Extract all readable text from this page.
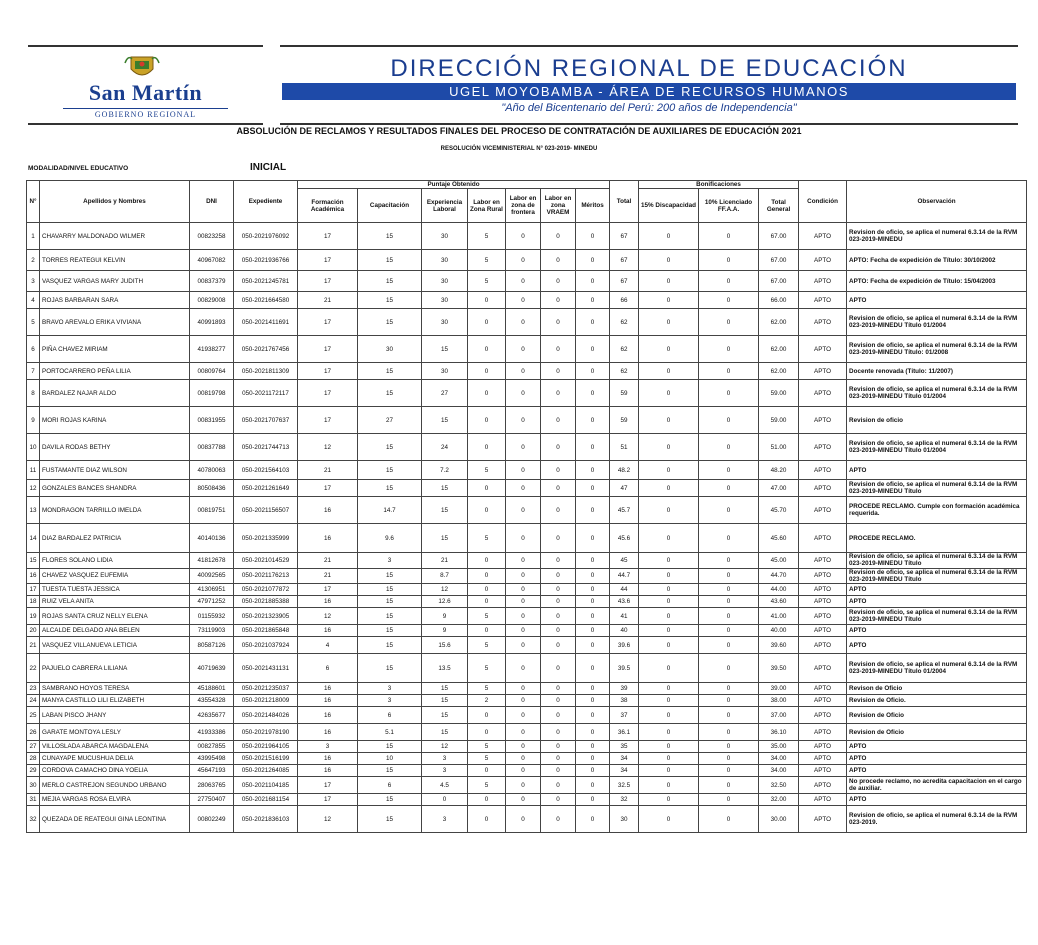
San Martín
GOBIERNO REGIONAL
DIRECCIÓN REGIONAL DE EDUCACIÓN
UGEL MOYOBAMBA - ÁREA DE RECURSOS HUMANOS
"Año del Bicentenario del Perú: 200 años de Independencia"
ABSOLUCIÓN DE RECLAMOS Y RESULTADOS FINALES DEL PROCESO DE CONTRATACIÓN DE AUXILIARES DE EDUCACIÓN 2021
RESOLUCIÓN VICEMINISTERIAL N° 023-2019- MINEDU
MODALIDAD/NIVEL EDUCATIVO	INICIAL
N°	Apellidos y Nombres	DNI	Expediente	Puntaje Obtenido							Total	Bonificaciones			Condición	Observación
				Formación Académica	Capacitación	Experiencia Laboral	Labor en Zona Rural	Labor en zona de frontera	Labor en zona VRAEM	Méritos		15% Discapacidad	10% Licenciado FF.A.A.	Total General		
1	CHAVARRY MALDONADO WILMER	00823258	050-2021976092	17	15	30	5	0	0	0	67	0	0	67.00	APTO	Revision de oficio, se aplica el numeral 6.3.14 de la RVM 023-2019-MINEDU
2	TORRES REATEGUI KELVIN	40967082	050-2021936766	17	15	30	5	0	0	0	67	0	0	67.00	APTO	APTO: Fecha de expedición de Título: 30/10/2002
3	VASQUEZ VARGAS MARY JUDITH	00837379	050-2021245781	17	15	30	5	0	0	0	67	0	0	67.00	APTO	APTO: Fecha de expedición de Título: 15/04/2003
4	ROJAS BARBARAN SARA	00829008	050-2021664580	21	15	30	0	0	0	0	66	0	0	66.00	APTO	APTO
5	BRAVO AREVALO ERIKA VIVIANA	40991893	050-2021411691	17	15	30	0	0	0	0	62	0	0	62.00	APTO	Revision de oficio, se aplica el numeral 6.3.14 de la RVM 023-2019-MINEDU Título 01/2004
6	PIÑA CHAVEZ MIRIAM	41938277	050-2021767456	17	30	15	0	0	0	0	62	0	0	62.00	APTO	Revision de oficio, se aplica el numeral 6.3.14 de la RVM 023-2019-MINEDU Título: 01/2008
7	PORTOCARRERO PEÑA LILIA	00809764	050-2021811309	17	15	30	0	0	0	0	62	0	0	62.00	APTO	Docente renovada (Título: 11/2007)
8	BARDALEZ NAJAR ALDO	00819798	050-2021172117	17	15	27	0	0	0	0	59	0	0	59.00	APTO	Revision de oficio, se aplica el numeral 6.3.14 de la RVM 023-2019-MINEDU Título 01/2004
9	MORI ROJAS KARINA	00831955	050-2021707637	17	27	15	0	0	0	0	59	0	0	59.00	APTO	Revision de oficio
10	DAVILA RODAS BETHY	00837788	050-2021744713	12	15	24	0	0	0	0	51	0	0	51.00	APTO	Revision de oficio, se aplica el numeral 6.3.14 de la RVM 023-2019-MINEDU Título 01/2004
11	FUSTAMANTE DIAZ WILSON	40780063	050-2021564103	21	15	7.2	5	0	0	0	48.2	0	0	48.20	APTO	APTO
12	GONZALES BANCES SHANDRA	80508436	050-2021261649	17	15	15	0	0	0	0	47	0	0	47.00	APTO	Revision de oficio, se aplica el numeral 6.3.14 de la RVM 023-2019-MINEDU Título
13	MONDRAGON TARRILLO IMELDA	00819751	050-2021156507	16	14.7	15	0	0	0	0	45.7	0	0	45.70	APTO	PROCEDE RECLAMO. Cumple con formación académica requerida.
14	DIAZ BARDALEZ PATRICIA	40140136	050-2021335999	16	9.6	15	5	0	0	0	45.6	0	0	45.60	APTO	PROCEDE RECLAMO.
15	FLORES SOLANO LIDIA	41812678	050-2021014529	21	3	21	0	0	0	0	45	0	0	45.00	APTO	Revision de oficio, se aplica el numeral 6.3.14 de la RVM 023-2019-MINEDU Título
16	CHAVEZ VASQUEZ EUFEMIA	40092565	050-2021176213	21	15	8.7	0	0	0	0	44.7	0	0	44.70	APTO	Revision de oficio, se aplica el numeral 6.3.14 de la RVM 023-2019-MINEDU Título
17	TUESTA TUESTA JESSICA	41306951	050-2021077872	17	15	12	0	0	0	0	44	0	0	44.00	APTO	APTO
18	RUIZ VELA ANITA	47971252	050-2021885388	16	15	12.6	0	0	0	0	43.6	0	0	43.60	APTO	APTO
19	ROJAS SANTA CRUZ NELLY ELENA	01155932	050-2021323905	12	15	9	5	0	0	0	41	0	0	41.00	APTO	Revision de oficio, se aplica el numeral 6.3.14 de la RVM 023-2019-MINEDU Título
20	ALCALDE DELGADO ANA BELEN	73119903	050-2021865848	16	15	9	0	0	0	0	40	0	0	40.00	APTO	APTO
21	VASQUEZ VILLANUEVA LETICIA	80587126	050-2021037924	4	15	15.6	5	0	0	0	39.6	0	0	39.60	APTO	APTO
22	PAJUELO CABRERA LILIANA	40719639	050-2021431131	6	15	13.5	5	0	0	0	39.5	0	0	39.50	APTO	Revision de oficio, se aplica el numeral 6.3.14 de la RVM 023-2019-MINEDU Título 01/2004
23	SAMBRANO HOYOS TERESA	45188601	050-2021235037	16	3	15	5	0	0	0	39	0	0	39.00	APTO	Revison de Oficio
24	MANYA CASTILLO LILI ELIZABETH	43554328	050-2021218009	16	3	15	2	0	0	0	38	0	0	38.00	APTO	Revision de Oficio.
25	LABAN PISCO JHANY	42635677	050-2021484026	16	6	15	0	0	0	0	37	0	0	37.00	APTO	Revision de Oficio
26	GARATE MONTOYA LESLY	41933386	050-2021978190	16	5.1	15	0	0	0	0	36.1	0	0	36.10	APTO	Revision de Oficio
27	VILLOSLADA ABARCA MAGDALENA	00827855	050-2021964105	3	15	12	5	0	0	0	35	0	0	35.00	APTO	APTO
28	CUNAYAPE MUCUSHUA DELIA	43995498	050-2021516199	16	10	3	5	0	0	0	34	0	0	34.00	APTO	APTO
29	CORDOVA CAMACHO DINA YOELIA	45647193	050-2021264085	16	15	3	0	0	0	0	34	0	0	34.00	APTO	APTO
30	MERLO CASTREJON SEGUNDO URBANO	28063765	050-2021104185	17	6	4.5	5	0	0	0	32.5	0	0	32.50	APTO	No procede reclamo, no acredita capacitacion en el cargo de auxiliar.
31	MEJIA VARGAS ROSA ELVIRA	27750407	050-2021681154	17	15	0	0	0	0	0	32	0	0	32.00	APTO	APTO
32	QUEZADA DE REATEGUI GINA LEONTINA	00802249	050-2021836103	12	15	3	0	0	0	0	30	0	0	30.00	APTO	Revision de oficio, se aplica el numeral 6.3.14 de la RVM 023-2019.
